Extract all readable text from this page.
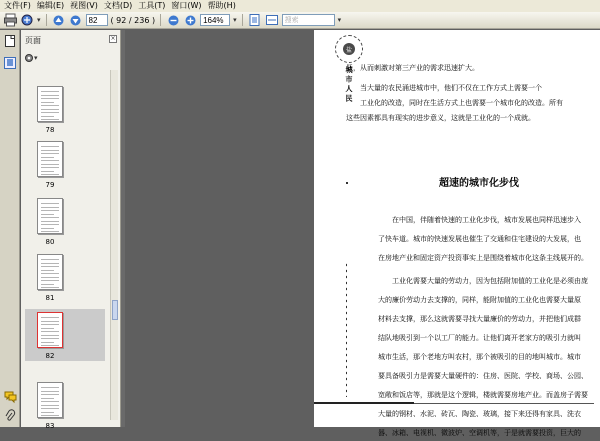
文件(F) 编辑(E) 视图(V) 文档(D) 工具(T) 窗口(W) 帮助(H)
▾
82	( 92 / 236 )
164%	▾	搜索	▾
页面	×
▾
78
79
80
81
82
83
盐
城 市 人 民
低，从而刺激对第三产业的需求迅速扩大。
当大量的农民涌进城市中，他们不仅在工作方式上需要一个
工业化的改造，同时在生活方式上也需要一个城市化的改造。所有
这些因素都具有现实的进步意义，这就是工业化的一个成就。
超速的城市化步伐
在中国，伴随着快速的工业化步伐，城市发展也同样迅速步入
了快车道。城市的快速发展也催生了交通和住宅建设的大发展，也
在房地产业和固定资产投资事实上是围绕着城市化这条主线展开的。
工业化需要大量的劳动力，因为包括附加值的工业化是必须由庞
大的廉价劳动力去支撑的，同样，能附加值的工业化也需要大量原
材料去支撑，那么这就需要寻找大量廉价的劳动力，并把他们成群
结队地吸引到一个以工厂的能力。让他们离开老家方的吸引力就叫
城市生活，那个老地方叫农村，那个被吸引的目的地叫城市。城市
要具备吸引力是需要大量硬件的：住房、医院、学校、商场、公园、
宽敞和饭店等，那就是这个逻辑，楼就需要房地产业。而盖房子需要
大量的钢材、水泥、砖瓦、陶瓷、玻璃，接下来还得有家具、洗衣
器、冰箱、电视机、微波炉、空调机等，于是就需要投资，巨大的
